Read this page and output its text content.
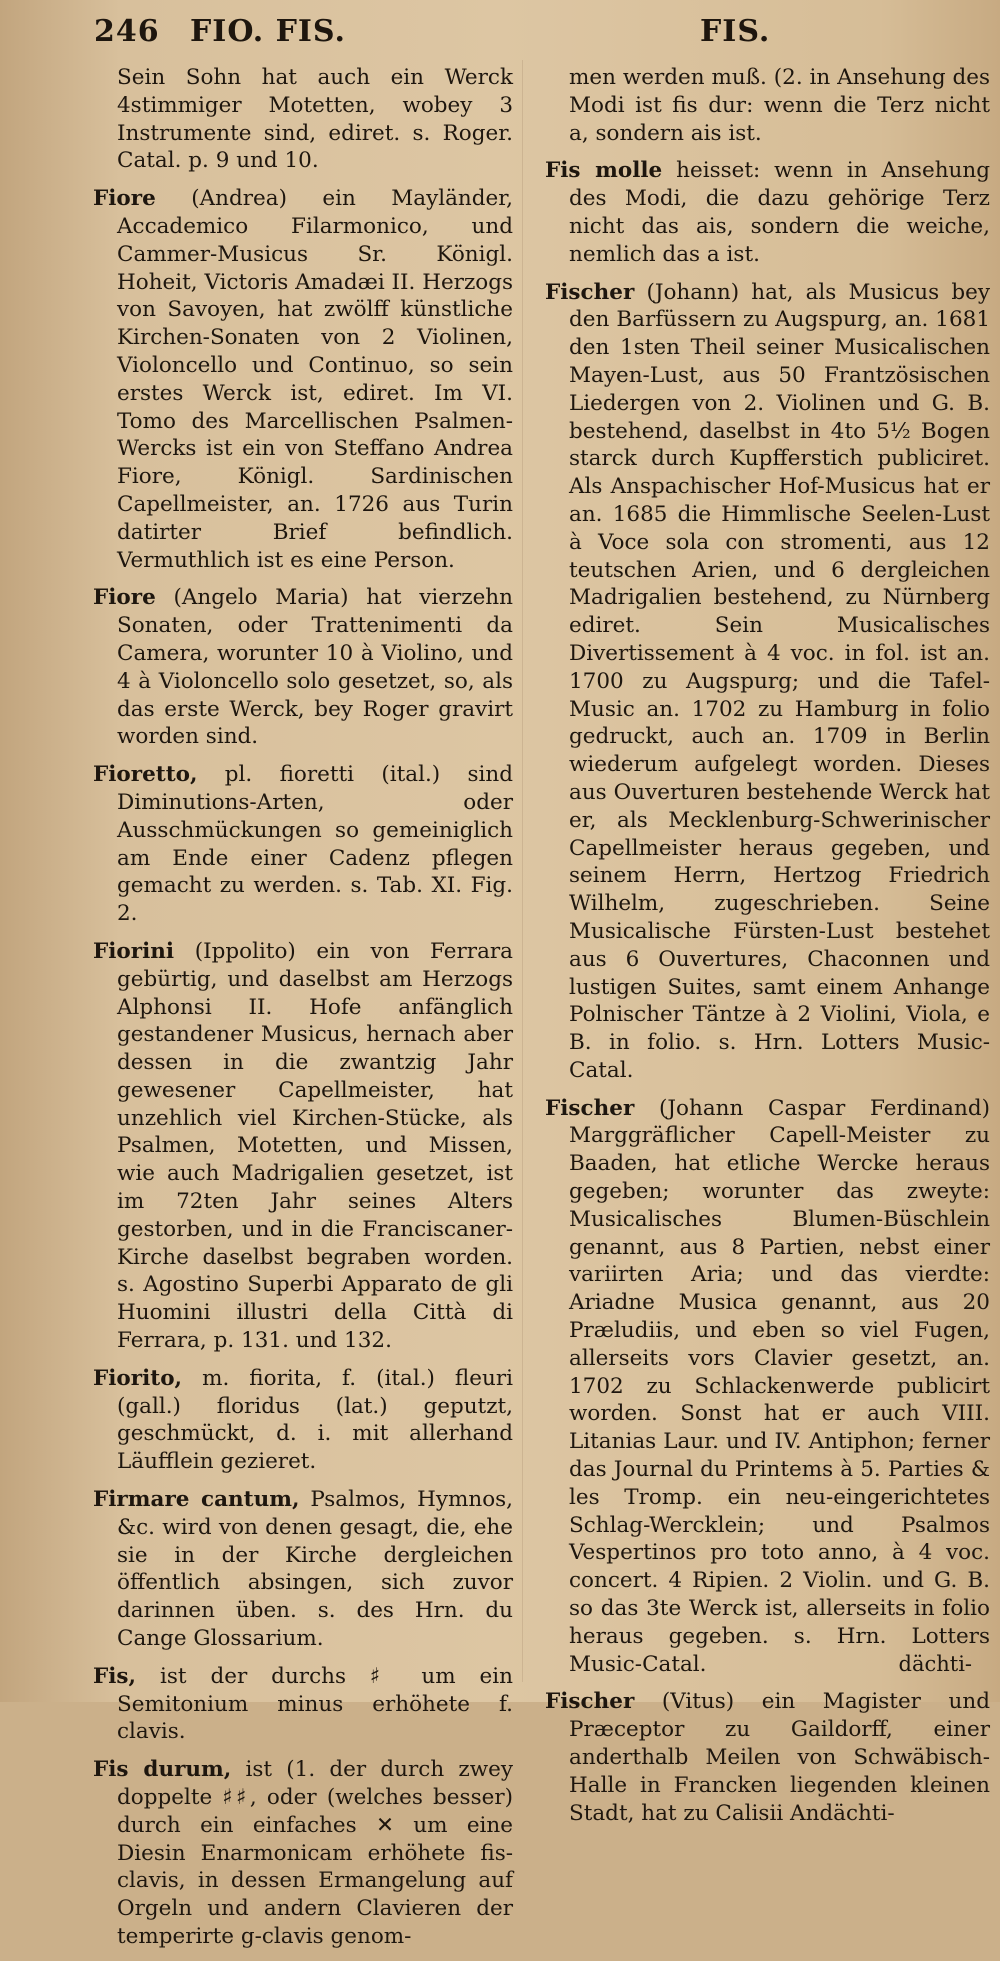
246 FIO. FIS.	FIS.

Sein Sohn hat auch ein Werck 4stimmiger Motetten, wobey 3 Instrumente sind, ediret. s. Roger. Catal. p. 9 und 10.

Fiore (Andrea) ein Mayländer, Accademico Filarmonico, und Cammer-Musicus Sr. Königl. Hoheit, Victoris Amadæi II. Herzogs von Savoyen, hat zwölff künstliche Kirchen-Sonaten von 2 Violinen, Violoncello und Continuo, so sein erstes Werck ist, ediret. Im VI. Tomo des Marcellischen Psalmen-Wercks ist ein von Steffano Andrea Fiore, Königl. Sardinischen Capellmeister, an. 1726 aus Turin datirter Brief befindlich. Vermuthlich ist es eine Person.

Fiore (Angelo Maria) hat vierzehn Sonaten, oder Trattenimenti da Camera, worunter 10 à Violino, und 4 à Violoncello solo gesetzet, so, als das erste Werck, bey Roger gravirt worden sind.

Fioretto, pl. fioretti (ital.) sind Diminutions-Arten, oder Ausschmückungen so gemeiniglich am Ende einer Cadenz pflegen gemacht zu werden. s. Tab. XI. Fig. 2.

Fiorini (Ippolito) ein von Ferrara gebürtig, und daselbst am Herzogs Alphonsi II. Hofe anfänglich gestandener Musicus, hernach aber dessen in die zwantzig Jahr gewesener Capellmeister, hat unzehlich viel Kirchen-Stücke, als Psalmen, Motetten, und Missen, wie auch Madrigalien gesetzet, ist im 72ten Jahr seines Alters gestorben, und in die Franciscaner-Kirche daselbst begraben worden. s. Agostino Superbi Apparato de gli Huomini illustri della Città di Ferrara, p. 131. und 132.

Fiorito, m. fiorita, f. (ital.) fleuri (gall.) floridus (lat.) geputzt, geschmückt, d. i. mit allerhand Läufflein gezieret.

Firmare cantum, Psalmos, Hymnos, &c. wird von denen gesagt, die, ehe sie in der Kirche dergleichen öffentlich absingen, sich zuvor darinnen üben. s. des Hrn. du Cange Glossarium.

Fis, ist der durchs ♯ um ein Semitonium minus erhöhete f. clavis.

Fis durum, ist (1. der durch zwey doppelte ♯♯, oder (welches besser) durch ein einfaches ✕ um eine Diesin Enarmonicam erhöhete fis-clavis, in dessen Ermangelung auf Orgeln und andern Clavieren der temperirte g-clavis genom-

men werden muß. (2. in Ansehung des Modi ist fis dur: wenn die Terz nicht a, sondern ais ist.

Fis molle heisset: wenn in Ansehung des Modi, die dazu gehörige Terz nicht das ais, sondern die weiche, nemlich das a ist.

Fischer (Johann) hat, als Musicus bey den Barfüssern zu Augspurg, an. 1681 den 1sten Theil seiner Musicalischen Mayen-Lust, aus 50 Frantzösischen Liedergen von 2. Violinen und G. B. bestehend, daselbst in 4to 5½ Bogen starck durch Kupfferstich publiciret. Als Anspachischer Hof-Musicus hat er an. 1685 die Himmlische Seelen-Lust à Voce sola con stromenti, aus 12 teutschen Arien, und 6 dergleichen Madrigalien bestehend, zu Nürnberg ediret. Sein Musicalisches Divertissement à 4 voc. in fol. ist an. 1700 zu Augspurg; und die Tafel-Music an. 1702 zu Hamburg in folio gedruckt, auch an. 1709 in Berlin wiederum aufgelegt worden. Dieses aus Ouverturen bestehende Werck hat er, als Mecklenburg-Schwerinischer Capellmeister heraus gegeben, und seinem Herrn, Hertzog Friedrich Wilhelm, zugeschrieben. Seine Musicalische Fürsten-Lust bestehet aus 6 Ouvertures, Chaconnen und lustigen Suites, samt einem Anhange Polnischer Täntze à 2 Violini, Viola, e B. in folio. s. Hrn. Lotters Music-Catal.

Fischer (Johann Caspar Ferdinand) Marggräflicher Capell-Meister zu Baaden, hat etliche Wercke heraus gegeben; worunter das zweyte: Musicalisches Blumen-Büschlein genannt, aus 8 Partien, nebst einer variirten Aria; und das vierdte: Ariadne Musica genannt, aus 20 Præludiis, und eben so viel Fugen, allerseits vors Clavier gesetzt, an. 1702 zu Schlackenwerde publicirt worden. Sonst hat er auch VIII. Litanias Laur. und IV. Antiphon; ferner das Journal du Printems à 5. Parties & les Tromp. ein neu-eingerichtetes Schlag-Wercklein; und Psalmos Vespertinos pro toto anno, à 4 voc. concert. 4 Ripien. 2 Violin. und G. B. so das 3te Werck ist, allerseits in folio heraus gegeben. s. Hrn. Lotters Music-Catal.

Fischer (Vitus) ein Magister und Præceptor zu Gaildorff, einer anderthalb Meilen von Schwäbisch-Halle in Francken liegenden kleinen Stadt, hat zu Calisii Andächti-

dächti-
